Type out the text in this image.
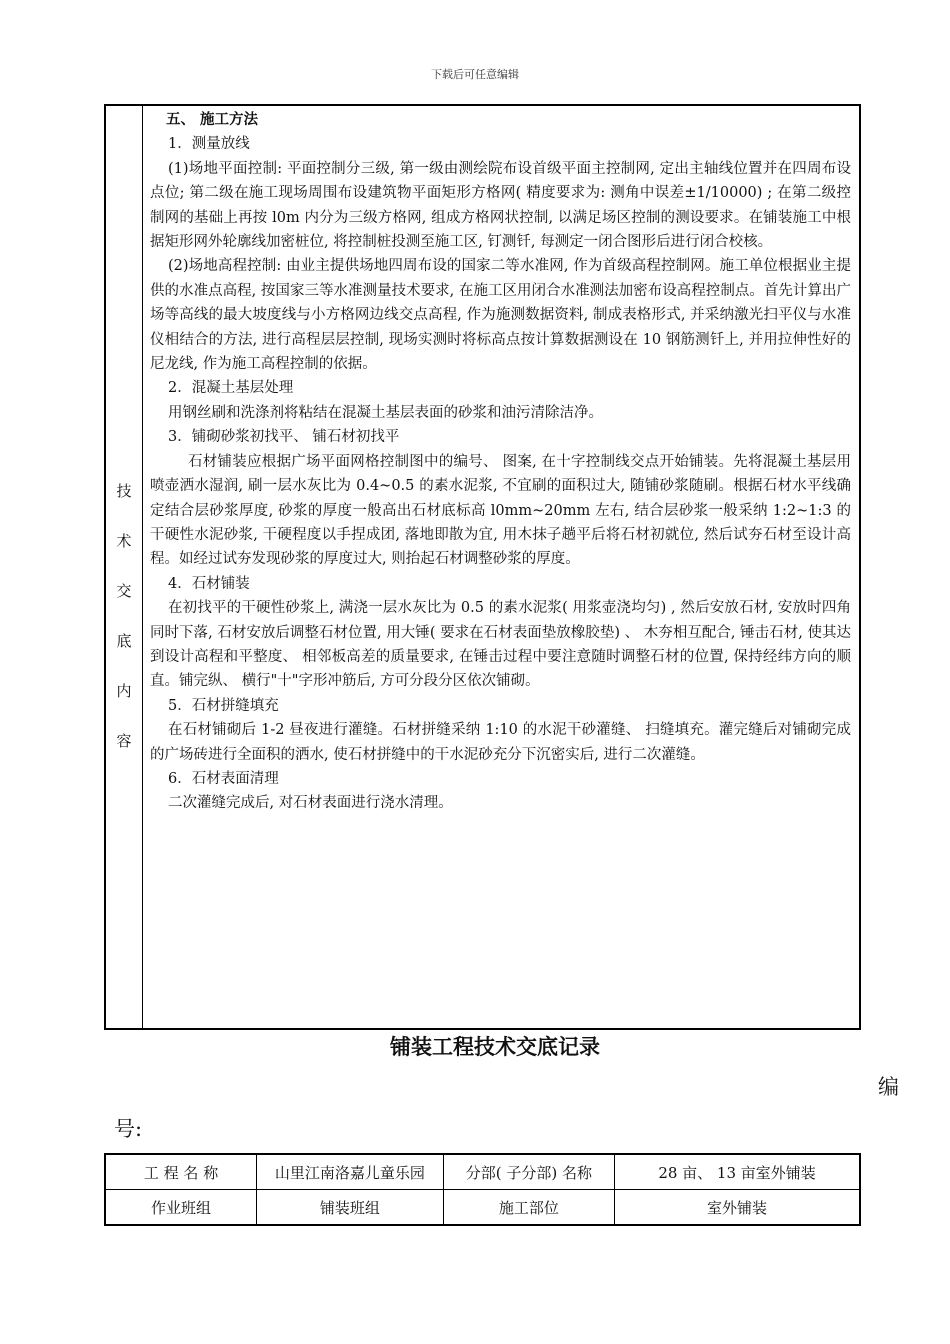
下载后可任意编辑
技
术
交
底
内
容

五、 施工方法

1．测量放线

(1)场地平面控制: 平面控制分三级, 第一级由测绘院布设首级平面主控制网, 定出主轴线位置并在四周布设点位; 第二级在施工现场周围布设建筑物平面矩形方格网( 精度要求为: 测角中误差±1/10000) ; 在第二级控制网的基础上再按 l0m 内分为三级方格网, 组成方格网状控制, 以满足场区控制的测设要求。在铺装施工中根据矩形网外轮廓线加密桩位, 将控制桩投测至施工区, 钉测钎, 每测定一闭合图形后进行闭合校核。

(2)场地高程控制: 由业主提供场地四周布设的国家二等水准网, 作为首级高程控制网。施工单位根据业主提供的水准点高程, 按国家三等水准测量技术要求, 在施工区用闭合水准测法加密布设高程控制点。首先计算出广场等高线的最大坡度线与小方格网边线交点高程, 作为施测数据资料, 制成表格形式, 并采纳激光扫平仪与水准仪相结合的方法, 进行高程层层控制, 现场实测时将标高点按计算数据测设在 10 钢筋测钎上, 并用拉伸性好的尼龙线, 作为施工高程控制的依据。

2．混凝土基层处理

用钢丝刷和洗涤剂将粘结在混凝土基层表面的砂浆和油污清除洁净。

3．铺砌砂浆初找平、 铺石材初找平

石材铺装应根据广场平面网格控制图中的编号、 图案, 在十字控制线交点开始铺装。先将混凝土基层用喷壶洒水湿润, 刷一层水灰比为 0.4~0.5 的素水泥浆, 不宜刷的面积过大, 随铺砂浆随刷。根据石材水平线确定结合层砂浆厚度, 砂浆的厚度一般高出石材底标高 l0mm~20mm 左右, 结合层砂浆一般采纳 1:2~1:3 的干硬性水泥砂浆, 干硬程度以手捏成团, 落地即散为宜, 用木抹子趟平后将石材初就位, 然后试夯石材至设计高程。如经过试夯发现砂浆的厚度过大, 则抬起石材调整砂浆的厚度。

4．石材铺装

在初找平的干硬性砂浆上, 满浇一层水灰比为 0.5 的素水泥浆( 用浆壶浇均匀) , 然后安放石材, 安放时四角同时下落, 石材安放后调整石材位置, 用大锤( 要求在石材表面垫放橡胶垫) 、 木夯相互配合, 锤击石材, 使其达到设计高程和平整度、 相邻板高差的质量要求, 在锤击过程中要注意随时调整石材的位置, 保持经纬方向的顺直。铺完纵、 横行"十"字形冲筋后, 方可分段分区依次铺砌。

5．石材拼缝填充

在石材铺砌后 1-2 昼夜进行灌缝。石材拼缝采纳 1:10 的水泥干砂灌缝、 扫缝填充。灌完缝后对铺砌完成的广场砖进行全面积的洒水, 使石材拼缝中的干水泥砂充分下沉密实后, 进行二次灌缝。

6．石材表面清理

二次灌缝完成后, 对石材表面进行浇水清理。

铺装工程技术交底记录
编
号:
工 程 名 称	山里江南洛嘉儿童乐园	分部( 子分部) 名称	28 亩、 13 亩室外铺装
作业班组	铺装班组	施工部位	室外铺装
